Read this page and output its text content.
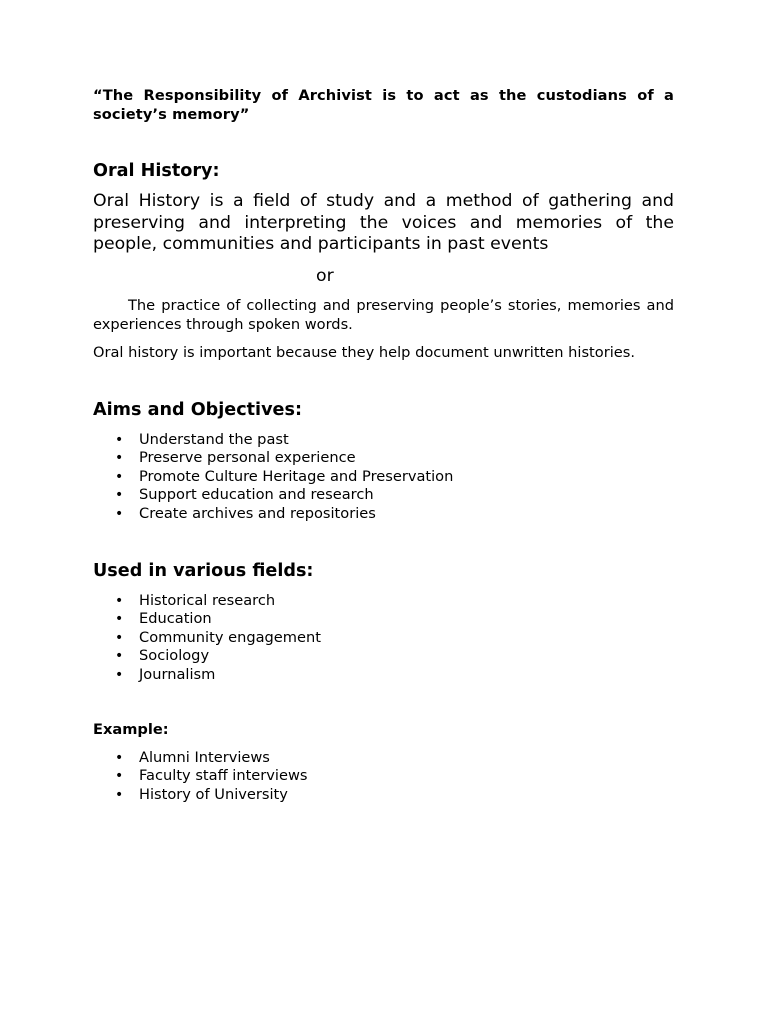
“The Responsibility of Archivist is to act as the custodians of a society’s memory”
Oral History:
Oral History is a field of study and a method of gathering and preserving and interpreting the voices and memories of the people, communities and participants in past events
or
The practice of collecting and preserving people’s stories, memories and experiences through spoken words.
Oral history is important because they help document unwritten histories.
Aims and Objectives:
• Understand the past
• Preserve personal experience
• Promote Culture Heritage and Preservation
• Support education and research
• Create archives and repositories
Used in various fields:
• Historical research
• Education
• Community engagement
• Sociology
• Journalism
Example:
• Alumni Interviews
• Faculty staff interviews
• History of University
